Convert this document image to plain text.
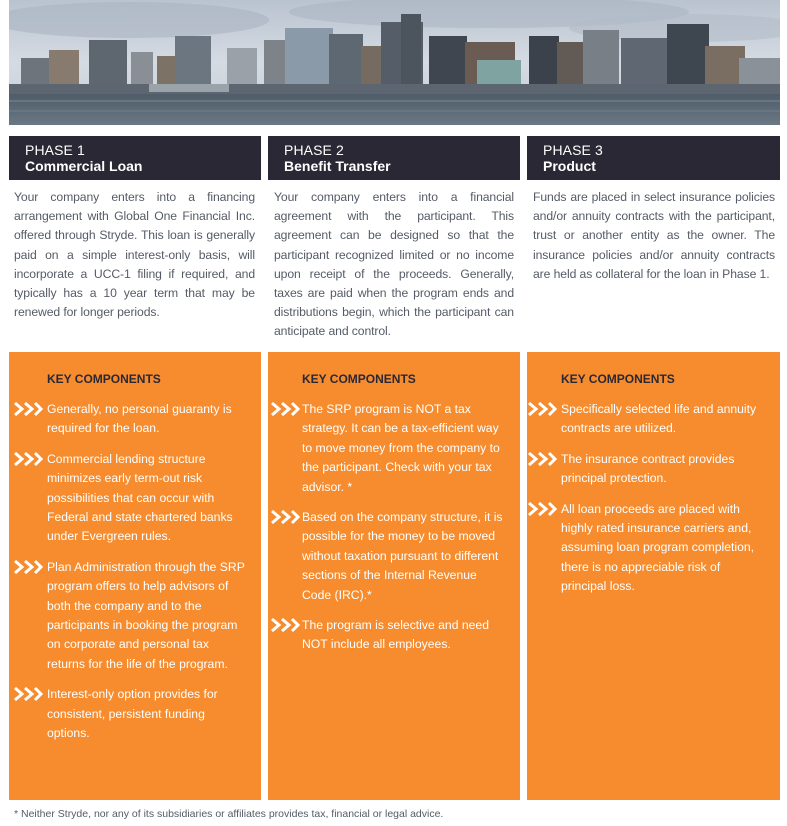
PHASE 1
Commercial Loan
Your company enters into a financing arrangement with Global One Financial Inc. offered through Stryde. This loan is generally paid on a simple interest-only basis, will incorporate a UCC-1 filing if required, and typically has a 10 year term that may be renewed for longer periods.
PHASE 2
Benefit Transfer
Your company enters into a financial agreement with the participant. This agreement can be designed so that the participant recognized limited or no income upon receipt of the proceeds. Generally, taxes are paid when the program ends and distributions begin, which the participant can anticipate and control.
PHASE 3
Product
Funds are placed in select insurance policies and/or annuity contracts with the participant, trust or another entity as the owner. The insurance policies and/or annuity contracts are held as collateral for the loan in Phase 1.
KEY COMPONENTS
Generally, no personal guaranty is required for the loan.
Commercial lending structure minimizes early term-out risk possibilities that can occur with Federal and state chartered banks under Evergreen rules.
Plan Administration through the SRP program offers to help advisors of both the company and to the participants in booking the program on corporate and personal tax returns for the life of the program.
Interest-only option provides for consistent, persistent funding options.
KEY COMPONENTS
The SRP program is NOT a tax strategy. It can be a tax-efficient way to move money from the company to the participant. Check with your tax advisor. *
Based on the company structure, it is possible for the money to be moved without taxation pursuant to different sections of the Internal Revenue Code (IRC).*
The program is selective and need NOT include all employees.
KEY COMPONENTS
Specifically selected life and annuity contracts are utilized.
The insurance contract provides principal protection.
All loan proceeds are placed with highly rated insurance carriers and, assuming loan program completion, there is no appreciable risk of principal loss.
* Neither Stryde, nor any of its subsidiaries or affiliates provides tax, financial or legal advice.
